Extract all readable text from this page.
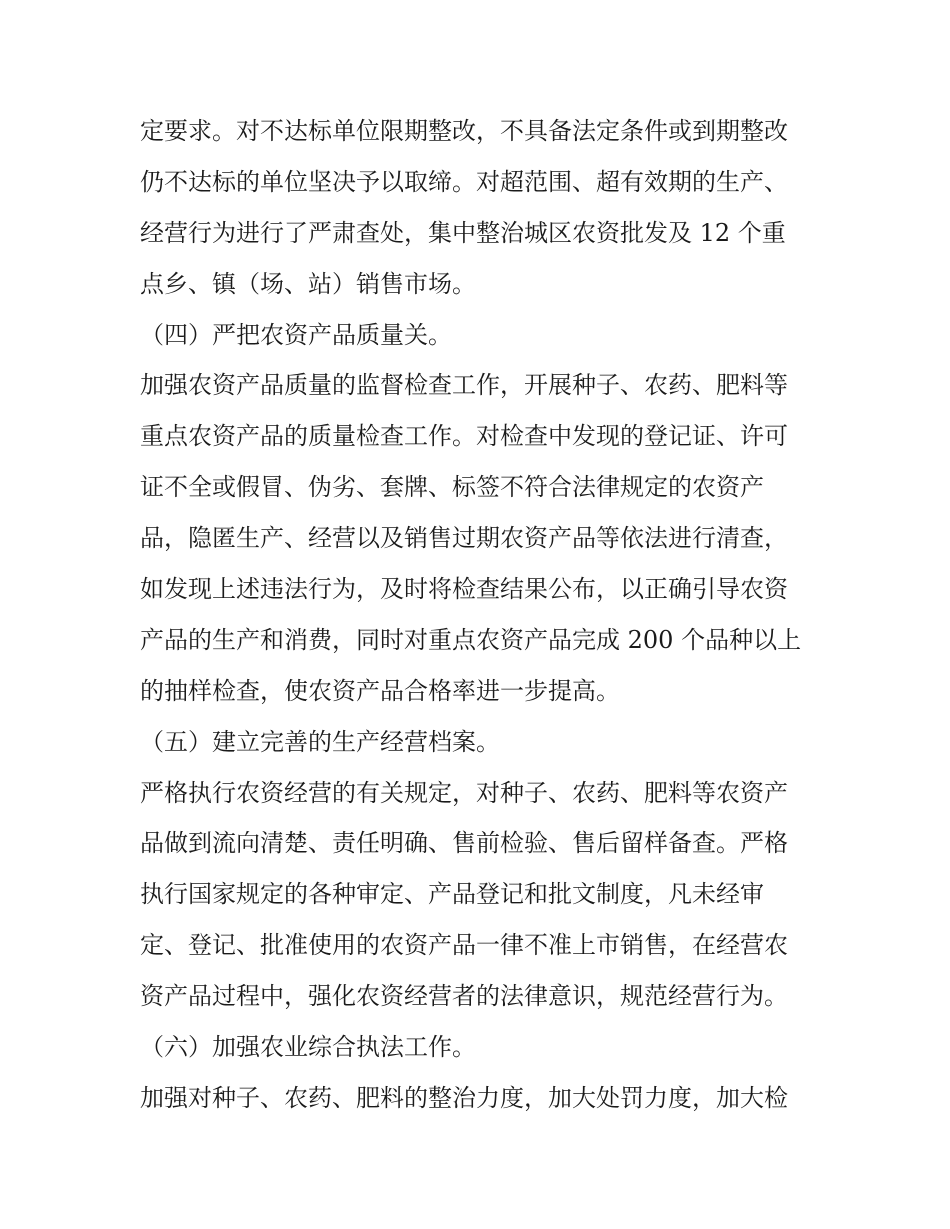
定要求。对不达标单位限期整改，不具备法定条件或到期整改
仍不达标的单位坚决予以取缔。对超范围、超有效期的生产、
经营行为进行了严肃查处，集中整治城区农资批发及 12 个重
点乡、镇（场、站）销售市场。
（四）严把农资产品质量关。
加强农资产品质量的监督检查工作，开展种子、农药、肥料等
重点农资产品的质量检查工作。对检查中发现的登记证、许可
证不全或假冒、伪劣、套牌、标签不符合法律规定的农资产
品，隐匿生产、经营以及销售过期农资产品等依法进行清查，
如发现上述违法行为，及时将检查结果公布，以正确引导农资
产品的生产和消费，同时对重点农资产品完成 200 个品种以上
的抽样检查，使农资产品合格率进一步提高。
（五）建立完善的生产经营档案。
严格执行农资经营的有关规定，对种子、农药、肥料等农资产
品做到流向清楚、责任明确、售前检验、售后留样备查。严格
执行国家规定的各种审定、产品登记和批文制度，凡未经审
定、登记、批准使用的农资产品一律不准上市销售，在经营农
资产品过程中，强化农资经营者的法律意识，规范经营行为。
（六）加强农业综合执法工作。
加强对种子、农药、肥料的整治力度，加大处罚力度，加大检
